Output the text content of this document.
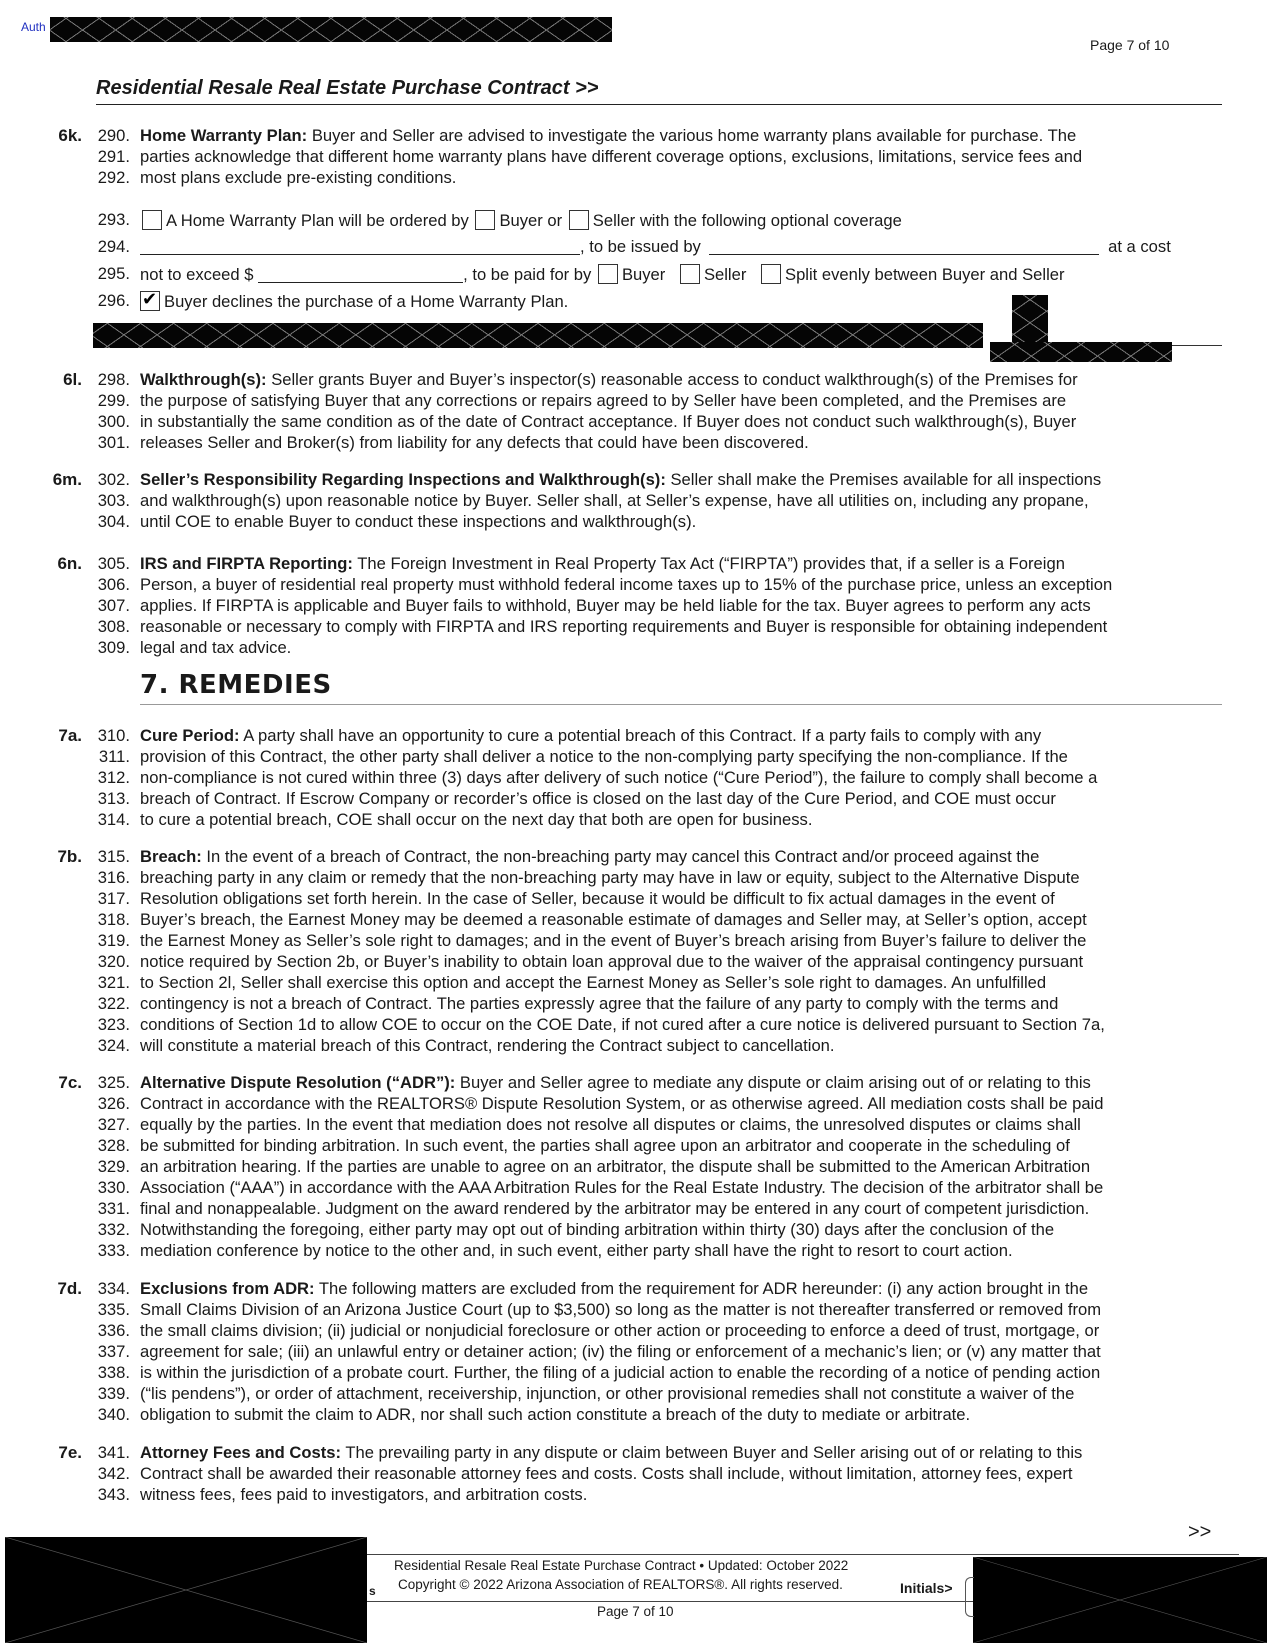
Auth
Page 7 of 10
Residential Resale Real Estate Purchase Contract >>
6k. 290. Home Warranty Plan: Buyer and Seller are advised to investigate the various home warranty plans available for purchase. The
291. parties acknowledge that different home warranty plans have different coverage options, exclusions, limitations, service fees and
292. most plans exclude pre-existing conditions.
293.	A Home Warranty Plan will be ordered by Buyer or Seller with the following optional coverage
294.	, to be issued by	at a cost
295. not to exceed $	, to be paid for by Buyer Seller Split evenly between Buyer and Seller
296. ✔	Buyer declines the purchase of a Home Warranty Plan.
6l. 298. Walkthrough(s): Seller grants Buyer and Buyer’s inspector(s) reasonable access to conduct walkthrough(s) of the Premises for
299. the purpose of satisfying Buyer that any corrections or repairs agreed to by Seller have been completed, and the Premises are
300. in substantially the same condition as of the date of Contract acceptance. If Buyer does not conduct such walkthrough(s), Buyer
301. releases Seller and Broker(s) from liability for any defects that could have been discovered.
6m. 302. Seller’s Responsibility Regarding Inspections and Walkthrough(s): Seller shall make the Premises available for all inspections
303. and walkthrough(s) upon reasonable notice by Buyer. Seller shall, at Seller’s expense, have all utilities on, including any propane,
304. until COE to enable Buyer to conduct these inspections and walkthrough(s).
6n. 305. IRS and FIRPTA Reporting: The Foreign Investment in Real Property Tax Act (“FIRPTA”) provides that, if a seller is a Foreign
306. Person, a buyer of residential real property must withhold federal income taxes up to 15% of the purchase price, unless an exception
307. applies. If FIRPTA is applicable and Buyer fails to withhold, Buyer may be held liable for the tax. Buyer agrees to perform any acts
308. reasonable or necessary to comply with FIRPTA and IRS reporting requirements and Buyer is responsible for obtaining independent
309. legal and tax advice.
7. REMEDIES
7a. 310. Cure Period: A party shall have an opportunity to cure a potential breach of this Contract. If a party fails to comply with any
311. provision of this Contract, the other party shall deliver a notice to the non-complying party specifying the non-compliance. If the
312. non-compliance is not cured within three (3) days after delivery of such notice (“Cure Period”), the failure to comply shall become a
313. breach of Contract. If Escrow Company or recorder’s office is closed on the last day of the Cure Period, and COE must occur
314. to cure a potential breach, COE shall occur on the next day that both are open for business.
7b. 315. Breach: In the event of a breach of Contract, the non-breaching party may cancel this Contract and/or proceed against the
316. breaching party in any claim or remedy that the non-breaching party may have in law or equity, subject to the Alternative Dispute
317. Resolution obligations set forth herein. In the case of Seller, because it would be difficult to fix actual damages in the event of
318. Buyer’s breach, the Earnest Money may be deemed a reasonable estimate of damages and Seller may, at Seller’s option, accept
319. the Earnest Money as Seller’s sole right to damages; and in the event of Buyer’s breach arising from Buyer’s failure to deliver the
320. notice required by Section 2b, or Buyer’s inability to obtain loan approval due to the waiver of the appraisal contingency pursuant
321. to Section 2l, Seller shall exercise this option and accept the Earnest Money as Seller’s sole right to damages. An unfulfilled
322. contingency is not a breach of Contract. The parties expressly agree that the failure of any party to comply with the terms and
323. conditions of Section 1d to allow COE to occur on the COE Date, if not cured after a cure notice is delivered pursuant to Section 7a,
324. will constitute a material breach of this Contract, rendering the Contract subject to cancellation.
7c. 325. Alternative Dispute Resolution (“ADR”): Buyer and Seller agree to mediate any dispute or claim arising out of or relating to this
326. Contract in accordance with the REALTORS® Dispute Resolution System, or as otherwise agreed. All mediation costs shall be paid
327. equally by the parties. In the event that mediation does not resolve all disputes or claims, the unresolved disputes or claims shall
328. be submitted for binding arbitration. In such event, the parties shall agree upon an arbitrator and cooperate in the scheduling of
329. an arbitration hearing. If the parties are unable to agree on an arbitrator, the dispute shall be submitted to the American Arbitration
330. Association (“AAA”) in accordance with the AAA Arbitration Rules for the Real Estate Industry. The decision of the arbitrator shall be
331. final and nonappealable. Judgment on the award rendered by the arbitrator may be entered in any court of competent jurisdiction.
332. Notwithstanding the foregoing, either party may opt out of binding arbitration within thirty (30) days after the conclusion of the
333. mediation conference by notice to the other and, in such event, either party shall have the right to resort to court action.
7d. 334. Exclusions from ADR: The following matters are excluded from the requirement for ADR hereunder: (i) any action brought in the
335. Small Claims Division of an Arizona Justice Court (up to $3,500) so long as the matter is not thereafter transferred or removed from
336. the small claims division; (ii) judicial or nonjudicial foreclosure or other action or proceeding to enforce a deed of trust, mortgage, or
337. agreement for sale; (iii) an unlawful entry or detainer action; (iv) the filing or enforcement of a mechanic’s lien; or (v) any matter that
338. is within the jurisdiction of a probate court. Further, the filing of a judicial action to enable the recording of a notice of pending action
339. (“lis pendens”), or order of attachment, receivership, injunction, or other provisional remedies shall not constitute a waiver of the
340. obligation to submit the claim to ADR, nor shall such action constitute a breach of the duty to mediate or arbitrate.
7e. 341. Attorney Fees and Costs: The prevailing party in any dispute or claim between Buyer and Seller arising out of or relating to this
342. Contract shall be awarded their reasonable attorney fees and costs. Costs shall include, without limitation, attorney fees, expert
343. witness fees, fees paid to investigators, and arbitration costs.
>>
Residential Resale Real Estate Purchase Contract • Updated: October 2022
Copyright © 2022 Arizona Association of REALTORS®. All rights reserved.
Page 7 of 10
Initials>
s
